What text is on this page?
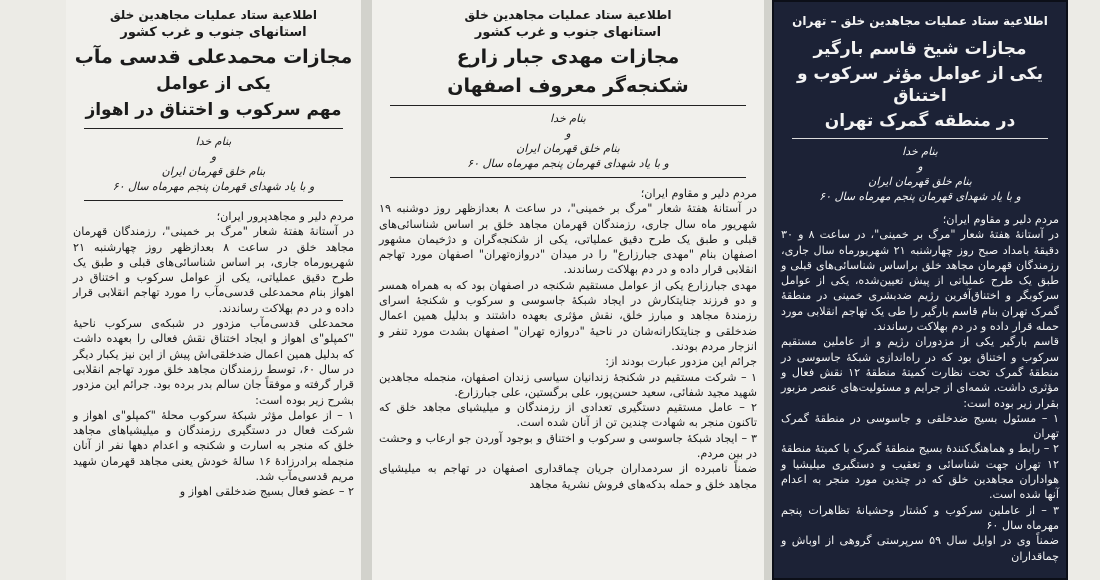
اطلاعیة ستاد عملیات مجاهدین خلق
استانهای جنوب و غرب کشور
مجازات محمدعلی قدسی مآب
یکی از عوامل
مهم سرکوب و اختناق در اهواز
بنام خدا
و
بنام خلق قهرمان ایران
و با یاد شهدای قهرمان پنجم مهرماه سال ۶۰

مردم دلیر و مجاهدپرور ایران؛
در آستانهٔ هفتهٔ شعار "مرگ بر خمینی"، رزمندگان قهرمان مجاهد خلق در ساعت ۸ بعدازظهر روز چهارشنبه ۲۱ شهریورماه جاری، بر اساس شناسائی‌های قبلی و طبق یک طرح دقیق عملیاتی، یکی از عوامل سرکوب و اختناق در اهواز بنام محمدعلی قدسی‌مآب را مورد تهاجم انقلابی قرار داده و در دم بهلاکت رساندند.

محمدعلی قدسی‌مآب مزدور در شبکه‌ی سرکوب ناحیهٔ "کمپلو"ی اهواز و ایجاد اختناق نقش فعالی را بعهده داشت که بدلیل همین اعمال ضدخلقی‌اش پیش از این نیز یکبار دیگر در سال ۶۰، توسط رزمندگان مجاهد خلق مورد تهاجم انقلابی قرار گرفته و موفقاً جان سالم بدر برده بود. جرائم این مزدور بشرح زیر بوده است:

۱ – از عوامل مؤثر شبکهٔ سرکوب محلهٔ "کمپلو"ی اهواز و شرکت فعال در دستگیری رزمندگان و میلیشیاهای مجاهد خلق که منجر به اسارت و شکنجه و اعدام دهها نفر از آنان منجمله برادرزادهٔ ۱۶ سالهٔ خودش یعنی مجاهد قهرمان شهید مریم قدسی‌مآب شد.

۲ – عضو فعال بسیج ضدخلقی اهواز و

اطلاعیة ستاد عملیات مجاهدین خلق
استانهای جنوب و غرب کشور
مجازات مهدی جبار زارع
شکنجه‌گر معروف اصفهان
بنام خدا
و
بنام خلق قهرمان ایران
و با یاد شهدای قهرمان پنجم مهرماه سال ۶۰

مردم دلیر و مقاوم ایران؛
در آستانهٔ هفتهٔ شعار "مرگ بر خمینی"، در ساعت ۸ بعدازظهر روز دوشنبه ۱۹ شهریور ماه سال جاری، رزمندگان قهرمان مجاهد خلق بر اساس شناسائی‌های قبلی و طبق یک طرح دقیق عملیاتی، یکی از شکنجه‌گران و دژخیمان مشهور اصفهان بنام "مهدی جبارزارع" را در میدان "دروازه‌تهران" اصفهان مورد تهاجم انقلابی قرار داده و در دم بهلاکت رساندند.

مهدی جبارزارع یکی از عوامل مستقیم شکنجه در اصفهان بود که به همراه همسر و دو فرزند جنایتکارش در ایجاد شبکهٔ جاسوسی و سرکوب و شکنجهٔ اسرای رزمندهٔ مجاهد و مبارز خلق، نقش مؤثری بعهده داشتند و بدلیل همین اعمال ضدخلقی و جنایتکارانه‌شان در ناحیهٔ "دروازه تهران" اصفهان بشدت مورد تنفر و انزجار مردم بودند.

جرائم این مزدور عبارت بودند از:
۱ – شرکت مستقیم در شکنجهٔ زندانیان سیاسی زندان اصفهان، منجمله مجاهدین شهید مجید شفائی، سعید حسن‌پور، علی برگستین، علی جبارزارع.

۲ – عامل مستقیم دستگیری تعدادی از رزمندگان و میلیشیای مجاهد خلق که تاکنون منجر به شهادت چندین تن از آنان شده است.

۳ – ایجاد شبکهٔ جاسوسی و سرکوب و اختناق و بوجود آوردن جو ارعاب و وحشت در بین مردم.
ضمناً نامبرده از سردمداران جریان چماقداری اصفهان در تهاجم به میلیشیای مجاهد خلق و حمله بدکه‌های فروش نشریهٔ مجاهد

اطلاعیة ستاد عملیات مجاهدین خلق – تهران
مجازات شیخ قاسم بارگیر
یکی از عوامل مؤثر سرکوب و اختناق
در منطقه گمرک تهران
بنام خدا
و
بنام خلق قهرمان ایران
و با یاد شهدای قهرمان پنجم مهرماه سال ۶۰

مردم دلیر و مقاوم ایران؛
در آستانهٔ هفتهٔ شعار "مرگ بر خمینی"، در ساعت ۸ و ۳۰ دقیقهٔ بامداد صبح روز چهارشنبه ۲۱ شهریورماه سال جاری، رزمندگان قهرمان مجاهد خلق براساس شناسائی‌های قبلی و طبق یک طرح عملیاتی از پیش تعیین‌شده، یکی از عوامل سرکوبگر و اختناق‌آفرین رژیم ضدبشری خمینی در منطقهٔ گمرک تهران بنام قاسم بارگیر را طی یک تهاجم انقلابی مورد حمله قرار داده و در دم بهلاکت رساندند.

قاسم بارگیر یکی از مزدوران رژیم و از عاملین مستقیم سرکوب و اختناق بود که در راه‌اندازی شبکهٔ جاسوسی در منطقهٔ گمرک تحت نظارت کمیتهٔ منطقهٔ ۱۲ نقش فعال و مؤثری داشت. شمه‌ای از جرایم و مسئولیت‌های عنصر مزبور بقرار زیر بوده است:

۱ – مسئول بسیج ضدخلقی و جاسوسی در منطقهٔ گمرک تهران

۲ – رابط و هماهنگ‌کنندهٔ بسیج منطقهٔ گمرک با کمیتهٔ منطقهٔ ۱۲ تهران جهت شناسائی و تعقیب و دستگیری میلیشیا و هواداران مجاهدین خلق که در چندین مورد منجر به اعدام آنها شده است.

۳ – از عاملین سرکوب و کشتار وحشیانهٔ تظاهرات پنجم مهرماه سال ۶۰
ضمناً وی در اوایل سال ۵۹ سرپرستی گروهی از اوباش و چماقداران
